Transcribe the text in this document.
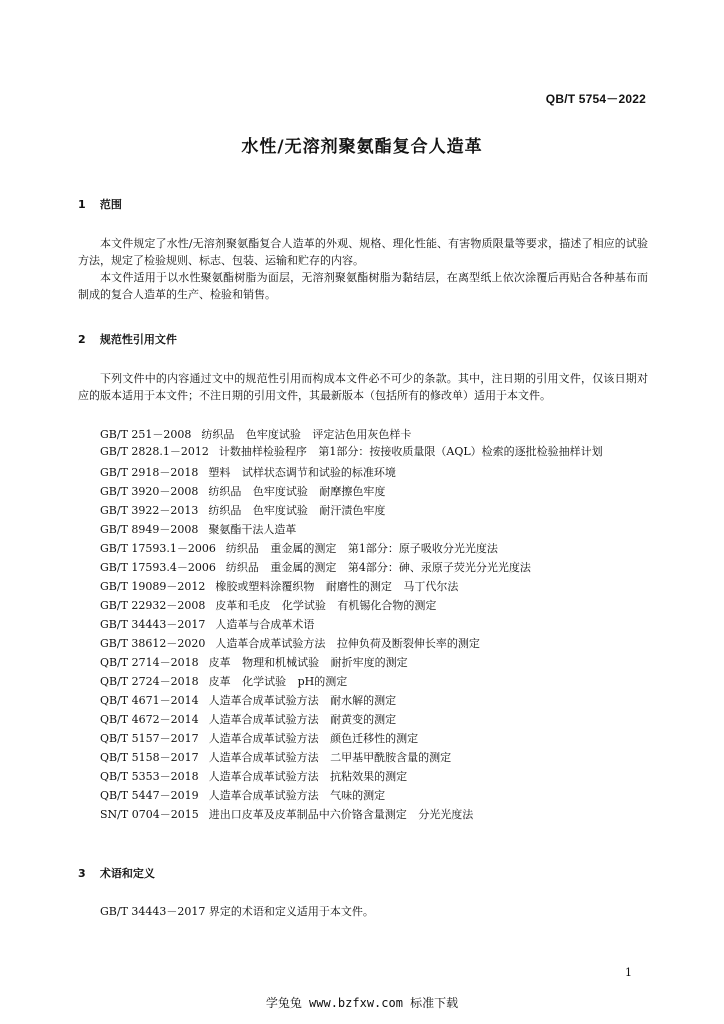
QB/T 5754－2022
水性/无溶剂聚氨酯复合人造革
1 范围
本文件规定了水性/无溶剂聚氨酯复合人造革的外观、规格、理化性能、有害物质限量等要求，描述了相应的试验方法，规定了检验规则、标志、包装、运输和贮存的内容。
本文件适用于以水性聚氨酯树脂为面层，无溶剂聚氨酯树脂为黏结层，在离型纸上依次涂覆后再贴合各种基布而制成的复合人造革的生产、检验和销售。
2 规范性引用文件
下列文件中的内容通过文中的规范性引用而构成本文件必不可少的条款。其中，注日期的引用文件，仅该日期对应的版本适用于本文件；不注日期的引用文件，其最新版本（包括所有的修改单）适用于本文件。
GB/T 251－2008 纺织品 色牢度试验 评定沾色用灰色样卡
GB/T 2828.1－2012 计数抽样检验程序 第1部分：按接收质量限（AQL）检索的逐批检验抽样计划
GB/T 2918－2018 塑料 试样状态调节和试验的标准环境
GB/T 3920－2008 纺织品 色牢度试验 耐摩擦色牢度
GB/T 3922－2013 纺织品 色牢度试验 耐汗渍色牢度
GB/T 8949－2008 聚氨酯干法人造革
GB/T 17593.1－2006 纺织品 重金属的测定 第1部分：原子吸收分光光度法
GB/T 17593.4－2006 纺织品 重金属的测定 第4部分：砷、汞原子荧光分光光度法
GB/T 19089－2012 橡胶或塑料涂覆织物 耐磨性的测定 马丁代尔法
GB/T 22932－2008 皮革和毛皮 化学试验 有机锡化合物的测定
GB/T 34443－2017 人造革与合成革术语
GB/T 38612－2020 人造革合成革试验方法 拉伸负荷及断裂伸长率的测定
QB/T 2714－2018 皮革 物理和机械试验 耐折牢度的测定
QB/T 2724－2018 皮革 化学试验 pH的测定
QB/T 4671－2014 人造革合成革试验方法 耐水解的测定
QB/T 4672－2014 人造革合成革试验方法 耐黄变的测定
QB/T 5157－2017 人造革合成革试验方法 颜色迁移性的测定
QB/T 5158－2017 人造革合成革试验方法 二甲基甲酰胺含量的测定
QB/T 5353－2018 人造革合成革试验方法 抗粘效果的测定
QB/T 5447－2019 人造革合成革试验方法 气味的测定
SN/T 0704－2015 进出口皮革及皮革制品中六价铬含量测定 分光光度法
3 术语和定义
GB/T 34443－2017 界定的术语和定义适用于本文件。
1
学兔兔 www.bzfxw.com 标准下载
